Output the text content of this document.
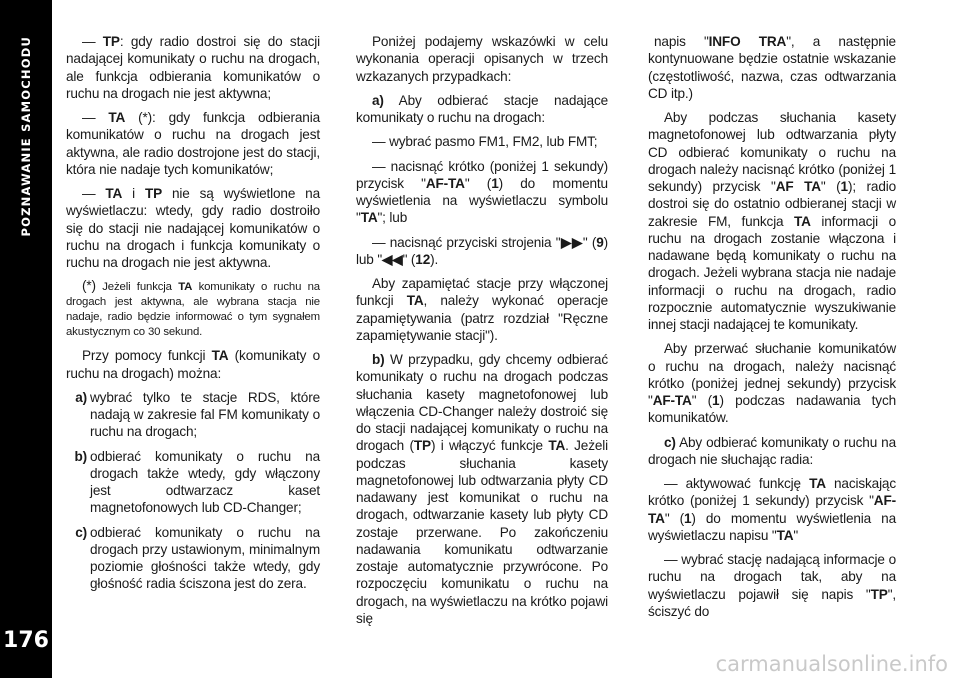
POZNAWANIE SAMOCHODU
176

— TP: gdy radio dostroi się do stacji nadającej komunikaty o ruchu na drogach, ale funkcja odbierania komunikatów o ruchu na drogach nie jest aktywna;

— TA (*): gdy funkcja odbierania komunikatów o ruchu na drogach jest aktywna, ale radio dostrojone jest do stacji, która nie nadaje tych komunikatów;

— TA i TP nie są wyświetlone na wyświetlaczu: wtedy, gdy radio dostroiło się do stacji nie nadającej komunikatów o ruchu na drogach i funkcja komunikaty o ruchu na drogach nie jest aktywna.

(*) Jeżeli funkcja TA komunikaty o ruchu na drogach jest aktywna, ale wybrana stacja nie nadaje, radio będzie informować o tym sygnałem akustycznym co 30 sekund.

Przy pomocy funkcji TA (komunikaty o ruchu na drogach) można:

a) wybrać tylko te stacje RDS, które nadają w zakresie fal FM komunikaty o ruchu na drogach;
b) odbierać komunikaty o ruchu na drogach także wtedy, gdy włączony jest odtwarzacz kaset magnetofonowych lub CD-Changer;
c) odbierać komunikaty o ruchu na drogach przy ustawionym, minimalnym poziomie głośności także wtedy, gdy głośność radia ściszona jest do zera.

Poniżej podajemy wskazówki w celu wykonania operacji opisanych w trzech wzkazanych przypadkach:

a) Aby odbierać stacje nadające komunikaty o ruchu na drogach:

— wybrać pasmo FM1, FM2, lub FMT;

— nacisnąć krótko (poniżej 1 sekundy) przycisk "AF-TA" (1) do momentu wyświetlenia na wyświetlaczu symbolu "TA"; lub

— nacisnąć przyciski strojenia "▶▶" (9) lub "◀◀" (12).

Aby zapamiętać stacje przy włączonej funkcji TA, należy wykonać operacje zapamiętywania (patrz rozdział "Ręczne zapamiętywanie stacji").

b) W przypadku, gdy chcemy odbierać komunikaty o ruchu na drogach podczas słuchania kasety magnetofonowej lub włączenia CD-Changer należy dostroić się do stacji nadającej komunikaty o ruchu na drogach (TP) i włączyć funkcje TA. Jeżeli podczas słuchania kasety magnetofonowej lub odtwarzania płyty CD nadawany jest komunikat o ruchu na drogach, odtwarzanie kasety lub płyty CD zostaje przerwane. Po zakończeniu nadawania komunikatu odtwarzanie zostaje automatycznie przywrócone. Po rozpoczęciu komunikatu o ruchu na drogach, na wyświetlaczu na krótko pojawi się

napis "INFO TRA", a następnie kontynuowane będzie ostatnie wskazanie (częstotliwość, nazwa, czas odtwarzania CD itp.)

Aby podczas słuchania kasety magnetofonowej lub odtwarzania płyty CD odbierać komunikaty o ruchu na drogach należy nacisnąć krótko (poniżej 1 sekundy) przycisk "AF TA" (1); radio dostroi się do ostatnio odbieranej stacji w zakresie FM, funkcja TA informacji o ruchu na drogach zostanie włączona i nadawane będą komunikaty o ruchu na drogach. Jeżeli wybrana stacja nie nadaje informacji o ruchu na drogach, radio rozpocznie automatycznie wyszukiwanie innej stacji nadającej te komunikaty.

Aby przerwać słuchanie komunikatów o ruchu na drogach, należy nacisnąć krótko (poniżej jednej sekundy) przycisk "AF-TA" (1) podczas nadawania tych komunikatów.

c) Aby odbierać komunikaty o ruchu na drogach nie słuchając radia:

— aktywować funkcję TA naciskając krótko (poniżej 1 sekundy) przycisk "AF-TA" (1) do momentu wyświetlenia na wyświetlaczu napisu "TA"

— wybrać stację nadającą informacje o ruchu na drogach tak, aby na wyświetlaczu pojawił się napis "TP", ściszyć do

carmanualsonline.info
